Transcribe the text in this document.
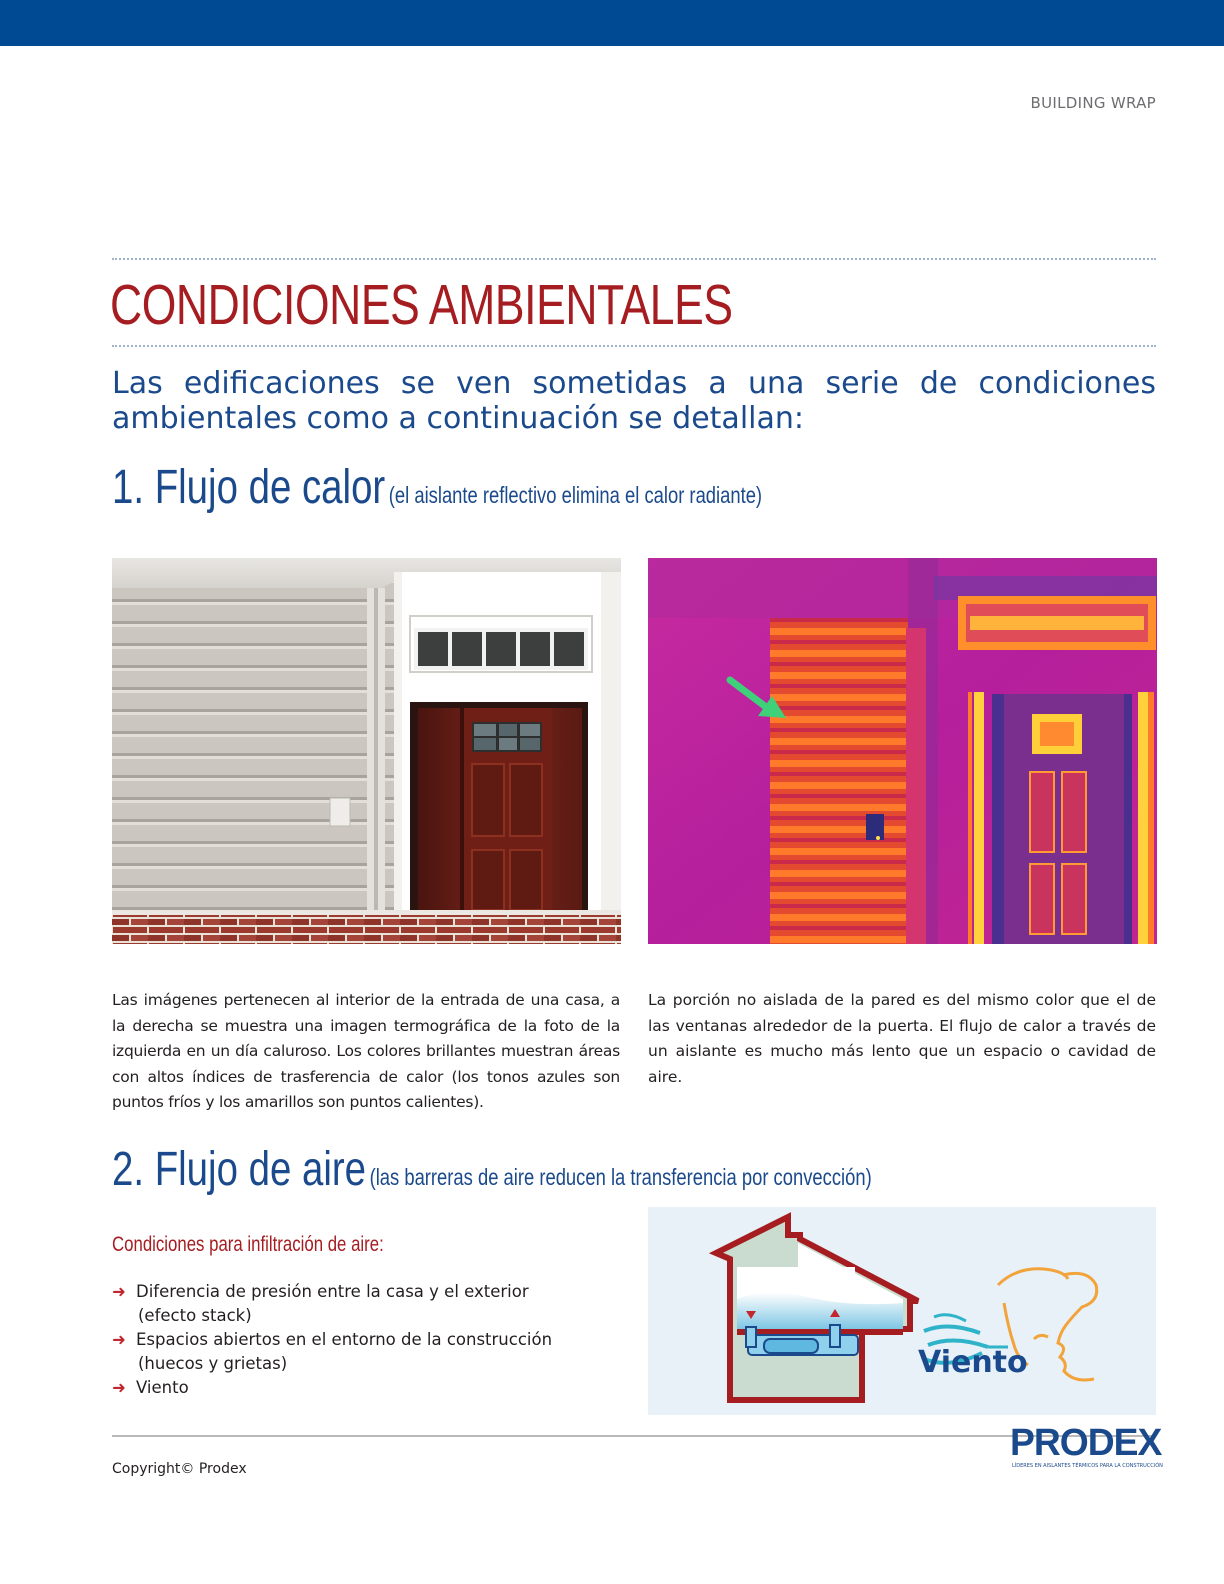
BUILDING WRAP
CONDICIONES AMBIENTALES
Las edificaciones se ven sometidas a una serie de condiciones ambientales como a continuación se detallan:
1. Flujo de calor (el aislante reflectivo elimina el calor radiante)
Las imágenes pertenecen al interior de la entrada de una casa, a la derecha se muestra una imagen termográfica de la foto de la izquierda en un día caluroso. Los colores brillantes muestran áreas con altos índices de trasferencia de calor (los tonos azules son puntos fríos y los amarillos son puntos calientes).
La porción no aislada de la pared es del mismo color que el de las ventanas alrededor de la puerta. El flujo de calor a través de un aislante es mucho más lento que un espacio o cavidad de aire.
2. Flujo de aire (las barreras de aire reducen la transferencia por convección)
Condiciones para infiltración de aire:
➜ Diferencia de presión entre la casa y el exterior
(efecto stack)
➜ Espacios abiertos en el entorno de la construcción
(huecos y grietas)
➜ Viento
Viento
Copyright© Prodex
PRODEX
LÍDERES EN AISLANTES TÉRMICOS PARA LA CONSTRUCCIÓN
